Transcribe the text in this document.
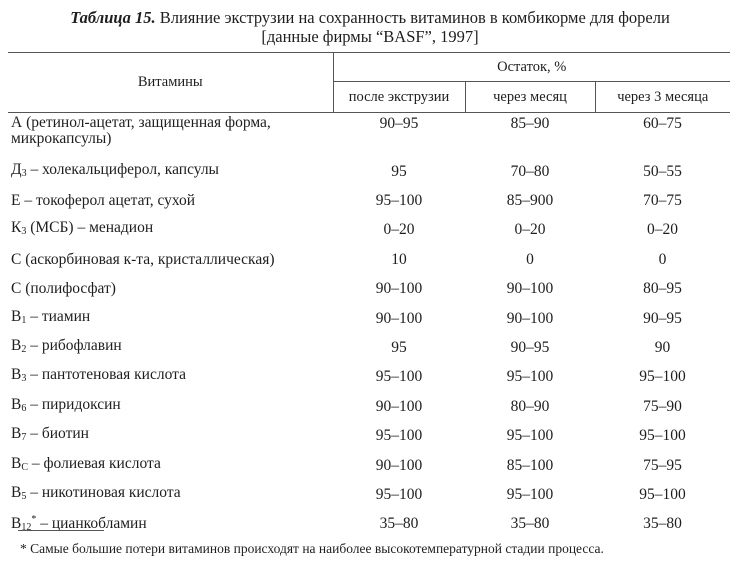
Таблица 15. Влияние экструзии на сохранность витаминов в комбикорме для форели
[данные фирмы “BASF”, 1997]
Витамины	Остаток, %		
	после экструзии	через месяц	через 3 месяца
А (ретинол-ацетат, защищенная форма, микрокапсулы)	90–95	85–90	60–75
$Д_3$ – холекальциферол, капсулы	95	70–80	50–55
Е – токоферол ацетат, сухой	95–100	85–900	70–75
$К_3$ (МСБ) – менадион	0–20	0–20	0–20
С (аскорбиновая к-та, кристаллическая)	10	0	0
С (полифосфат)	90–100	90–100	80–95
$В_1$ – тиамин	90–100	90–100	90–95
$В_2$ – рибофлавин	95	90–95	90
$В_3$ – пантотеновая кислота	95–100	95–100	95–100
$В_6$ – пиридоксин	90–100	80–90	75–90
$В_7$ – биотин	95–100	95–100	95–100
$В_С$ – фолиевая кислота	90–100	85–100	75–95
$В_5$ – никотиновая кислота	95–100	95–100	95–100
$В_{12}^*$ – цианкобламин	35–80	35–80	35–80
* Самые большие потери витаминов происходят на наиболее высокотемпературной стадии процесса.
